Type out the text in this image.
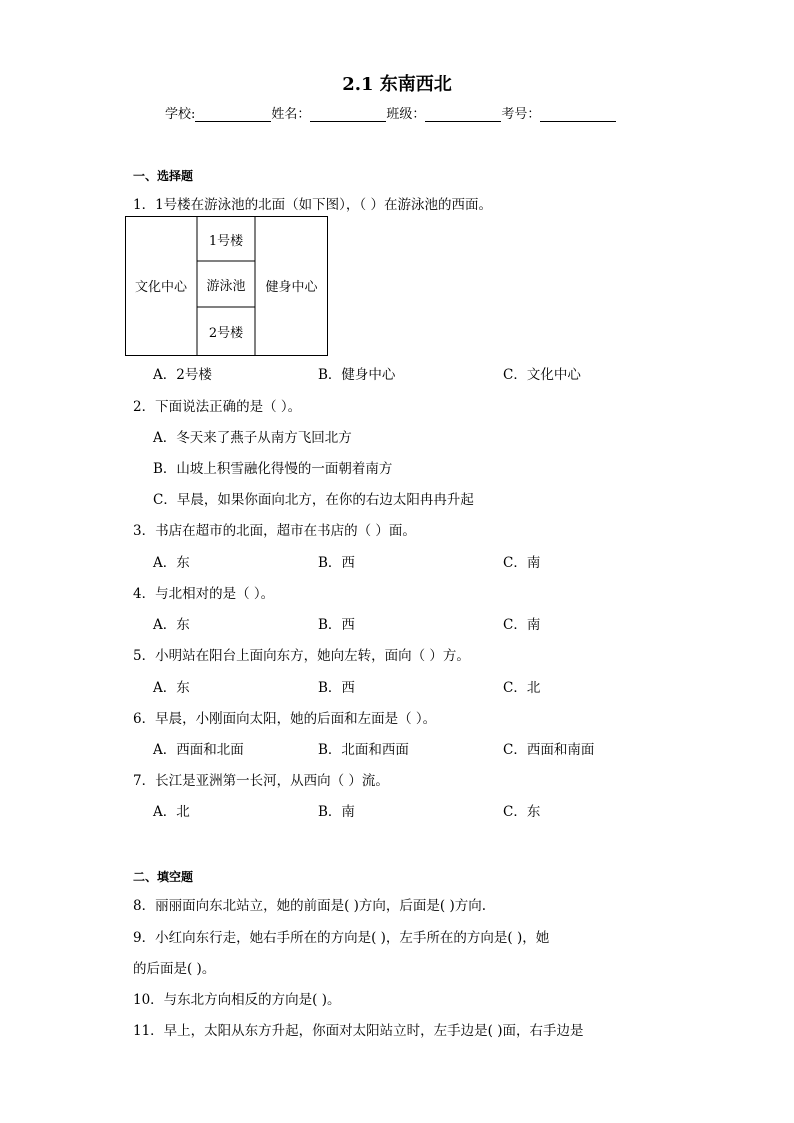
2.1 东南西北
学校:	姓名：	班级：	考号：
一、选择题
1．1号楼在游泳池的北面（如下图），（ ）在游泳池的西面。
文化中心
1号楼
游泳池
2号楼
健身中心
A．2号楼	B．健身中心	C．文化中心
2．下面说法正确的是（ ）。
A．冬天来了燕子从南方飞回北方
B．山坡上积雪融化得慢的一面朝着南方
C．早晨，如果你面向北方，在你的右边太阳冉冉升起
3．书店在超市的北面，超市在书店的（ ）面。
A．东	B．西	C．南
4．与北相对的是（ ）。
A．东	B．西	C．南
5．小明站在阳台上面向东方，她向左转，面向（ ）方。
A．东	B．西	C．北
6．早晨，小刚面向太阳，她的后面和左面是（ ）。
A．西面和北面	B．北面和西面	C．西面和南面
7．长江是亚洲第一长河，从西向（ ）流。
A．北	B．南	C．东
二、填空题
8．丽丽面向东北站立，她的前面是( )方向，后面是( )方向.
9．小红向东行走，她右手所在的方向是( )，左手所在的方向是( )，她
的后面是( )。
10．与东北方向相反的方向是( )。
11．早上，太阳从东方升起，你面对太阳站立时，左手边是( )面，右手边是
